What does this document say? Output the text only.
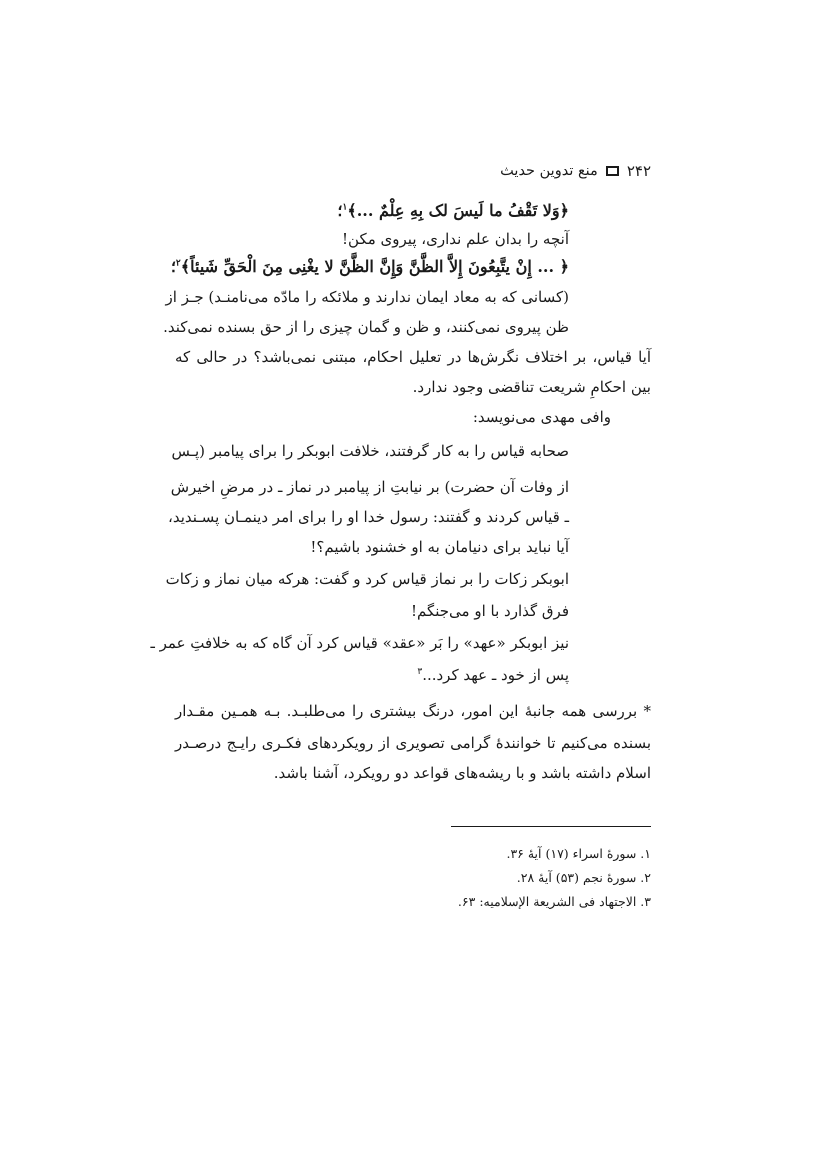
۲۴۲
منع تدوین حدیث
﴿وَلا تَقْفُ ما لَیسَ لک بِهِ عِلْمٌ ...﴾$^۱$؛
آنچه را بدان علم نداری، پیروی مکن!
﴿ ... إِنْ یتَّبِعُونَ إِلاَّ الظَّنَّ وَإِنَّ الظَّنَّ لا یغْنِی مِنَ الْحَقِّ شَیئاً﴾$^۲$؛
(کسانی که به معاد ایمان ندارند و ملائکه را مادّه می‌نامنـد) جـز از
ظن پیروی نمی‌کنند، و ظن و گمان چیزی را از حق بسنده نمی‌کند.
آیا قیاس، بر اختلاف نگرش‌ها در تعلیل احکام، مبتنی نمی‌باشد؟ در حالی که
بین احکامِ شریعت تناقضی وجود ندارد.
وافی مهدی می‌نویسد:
صحابه قیاس را به کار گرفتند، خلافت ابوبکر را برای پیامبر (پـس
از وفات آن حضرت) بر نیابتِ از پیامبر در نماز ـ در مرضِ اخیرش
ـ قیاس کردند و گفتند: رسول خدا او را برای امر دینمـان پسـندید،
آیا نباید برای دنیامان به او خشنود باشیم؟!
ابوبکر زکات را بر نماز قیاس کرد و گفت: هرکه میان نماز و زکات
فرق گذارد با او می‌جنگم!
نیز ابوبکر «عهد» را بَر «عقد» قیاس کرد آن گاه که به خلافتِ عمر ـ
پس از خود ـ عهد کرد...$^۳$
* بررسی همه جانبهٔ این امور، درنگ بیشتری را می‌طلبـد. بـه همـین مقـدار
بسنده می‌کنیم تا خوانندهٔ گرامی تصویری از رویکردهای فکـری رایـج درصـدر
اسلام داشته باشد و با ریشه‌های قواعد دو رویکرد، آشنا باشد.
۱. سورهٔ اسراء (۱۷) آیهٔ ۳۶.
۲. سورهٔ نجم (۵۳) آیهٔ ۲۸.
۳. الاجتهاد فی الشریعة الإسلامیه: ۶۳.
